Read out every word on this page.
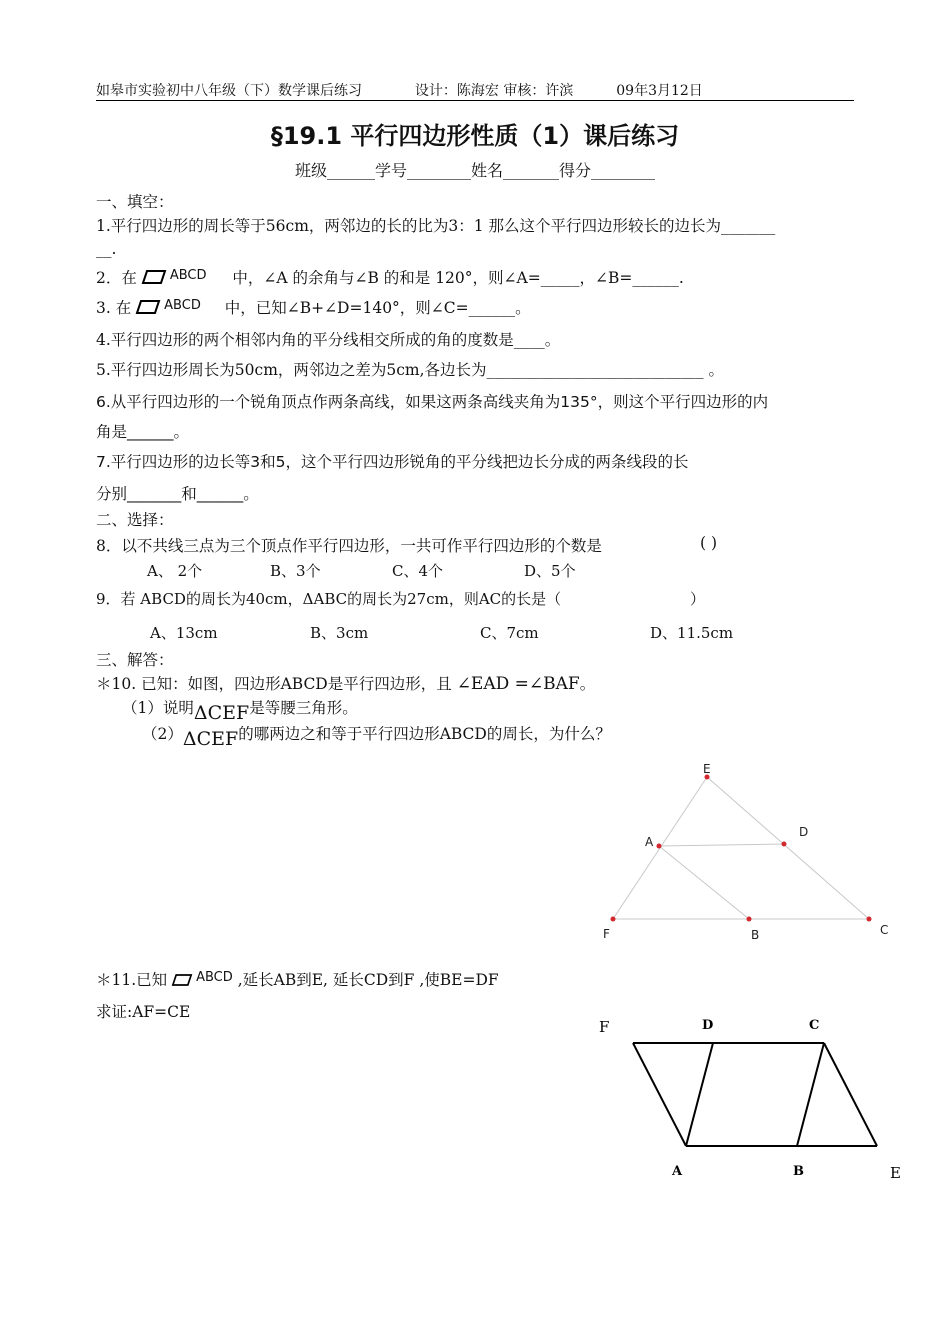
如皋市实验初中八年级（下）数学课后练习	设计：陈海宏 审核：许滨	09年3月12日
§19.1 平行四边形性质（1）课后练习
班级______学号________姓名_______得分________
一、填空：
1.平行四边形的周长等于56cm，两邻边的长的比为3：1 那么这个平行四边形较长的边长为_______
__.
2．在	$^{ABCD}$ 中，∠A 的余角与∠B 的和是 120°，则∠A=_____，∠B=______.
3. 在	$^{ABCD}$ 中，已知∠B+∠D=140°，则∠C=______。
4.平行四边形的两个相邻内角的平分线相交所成的角的度数是____。
5.平行四边形周长为50cm，两邻边之差为5cm,各边长为____________________________ 。
6.从平行四边形的一个锐角顶点作两条高线，如果这两条高线夹角为135°，则这个平行四边形的内
角是______。
7.平行四边形的边长等3和5，这个平行四边形锐角的平分线把边长分成的两条线段的长
分别_______和______。
二、选择：
8．以不共线三点为三个顶点作平行四边形，一共可作平行四边形的个数是	( )
A、 2个	B、3个	C、4个	D、5个
9．若 ABCD的周长为40cm，ΔABC的周长为27cm，则AC的长是（	）
A、13cm	B、3cm	C、7cm	D、11.5cm
三、解答：
＊10. 已知：如图，四边形ABCD是平行四边形，且 ∠EAD =∠BAF。
（1）说明ΔCEF是等腰三角形。
（2）ΔCEF的哪两边之和等于平行四边形ABCD的周长，为什么？
E
A
D
F	B	C
＊11.已知 $^{ABCD}$ ,延长AB到E, 延长CD到F ,使BE=DF
求证:AF=CE
F	D	C
A	B	E
